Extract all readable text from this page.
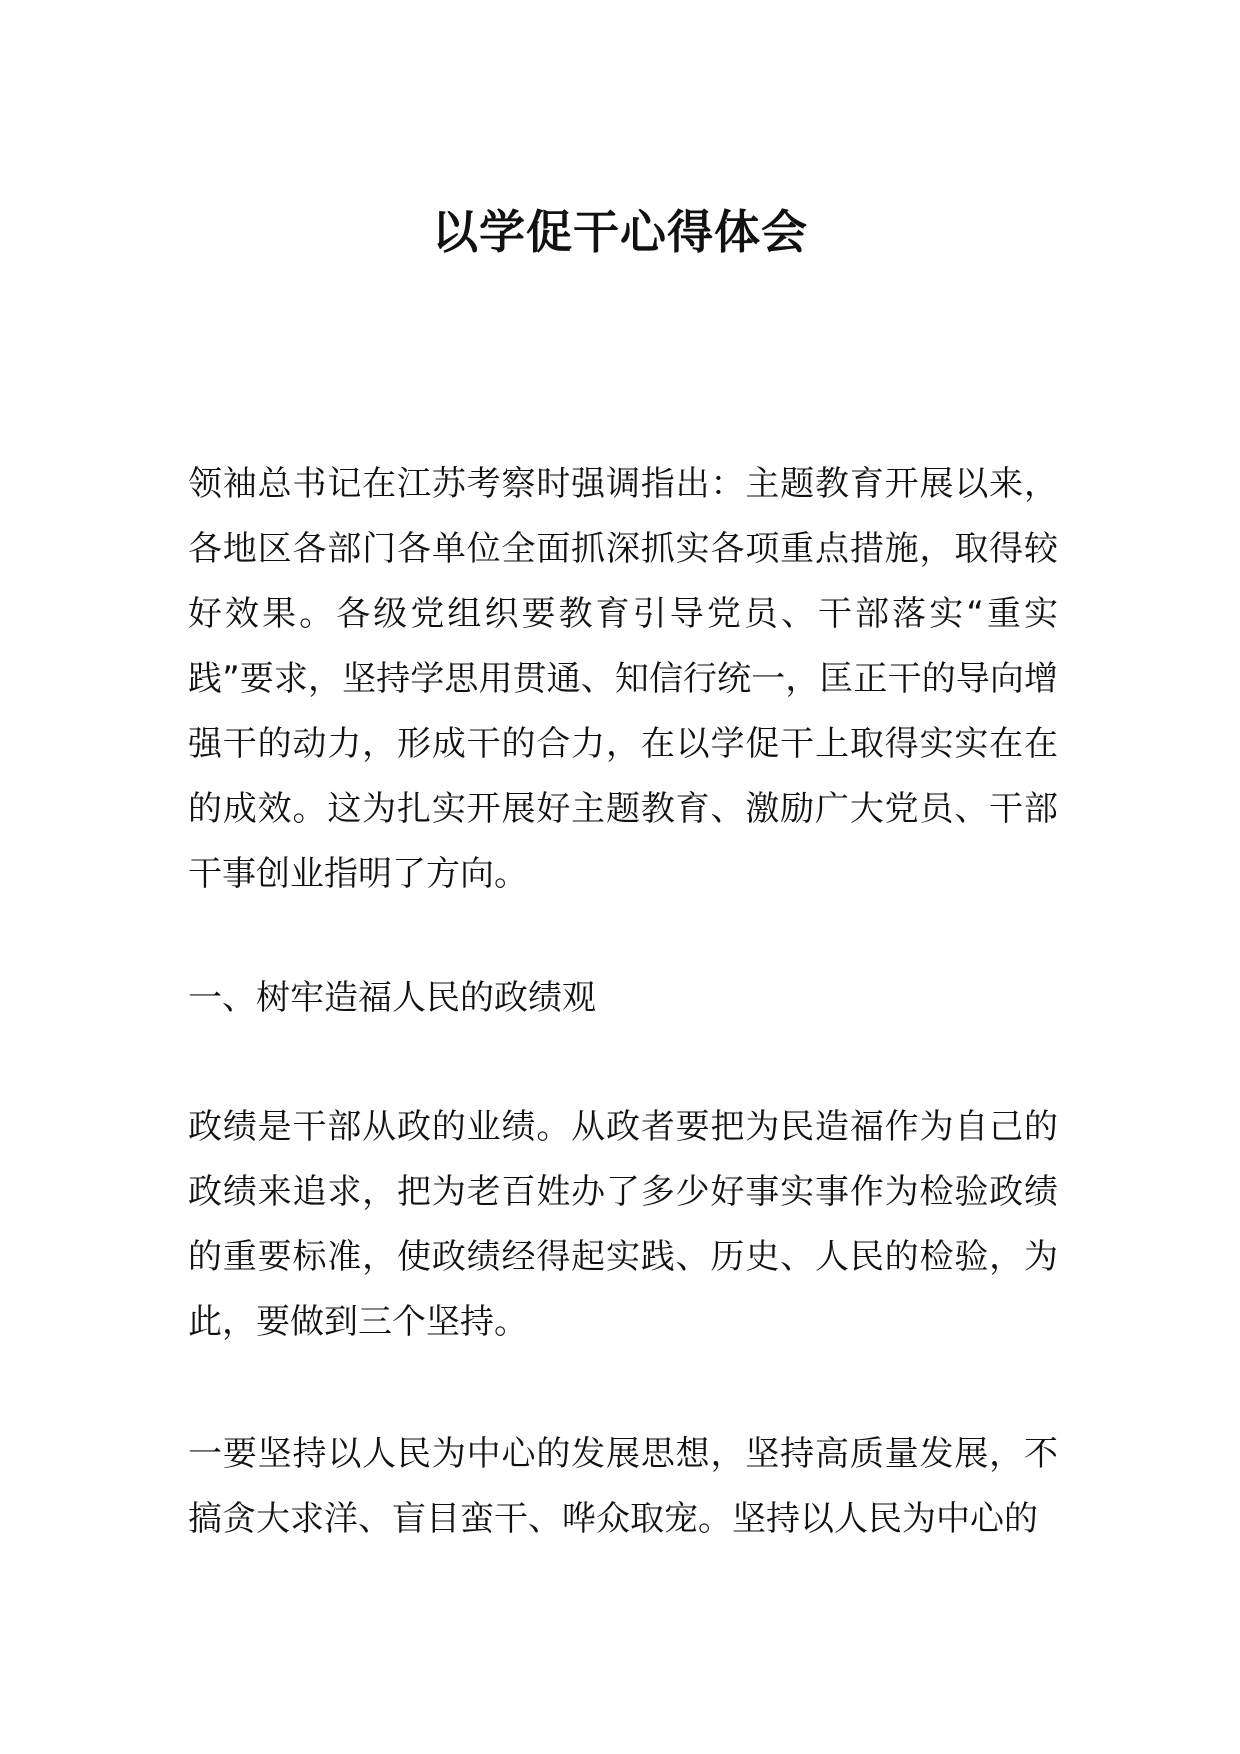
以学促干心得体会

领袖总书记在江苏考察时强调指出：主题教育开展以来，各地区各部门各单位全面抓深抓实各项重点措施，取得较好效果。各级党组织要教育引导党员、干部落实“重实践”要求，坚持学思用贯通、知信行统一，匡正干的导向增强干的动力，形成干的合力，在以学促干上取得实实在在的成效。这为扎实开展好主题教育、激励广大党员、干部干事创业指明了方向。

一、树牢造福人民的政绩观

政绩是干部从政的业绩。从政者要把为民造福作为自己的政绩来追求，把为老百姓办了多少好事实事作为检验政绩的重要标准，使政绩经得起实践、历史、人民的检验，为此，要做到三个坚持。

一要坚持以人民为中心的发展思想，坚持高质量发展，不搞贪大求洋、盲目蛮干、哗众取宠。坚持以人民为中心的
